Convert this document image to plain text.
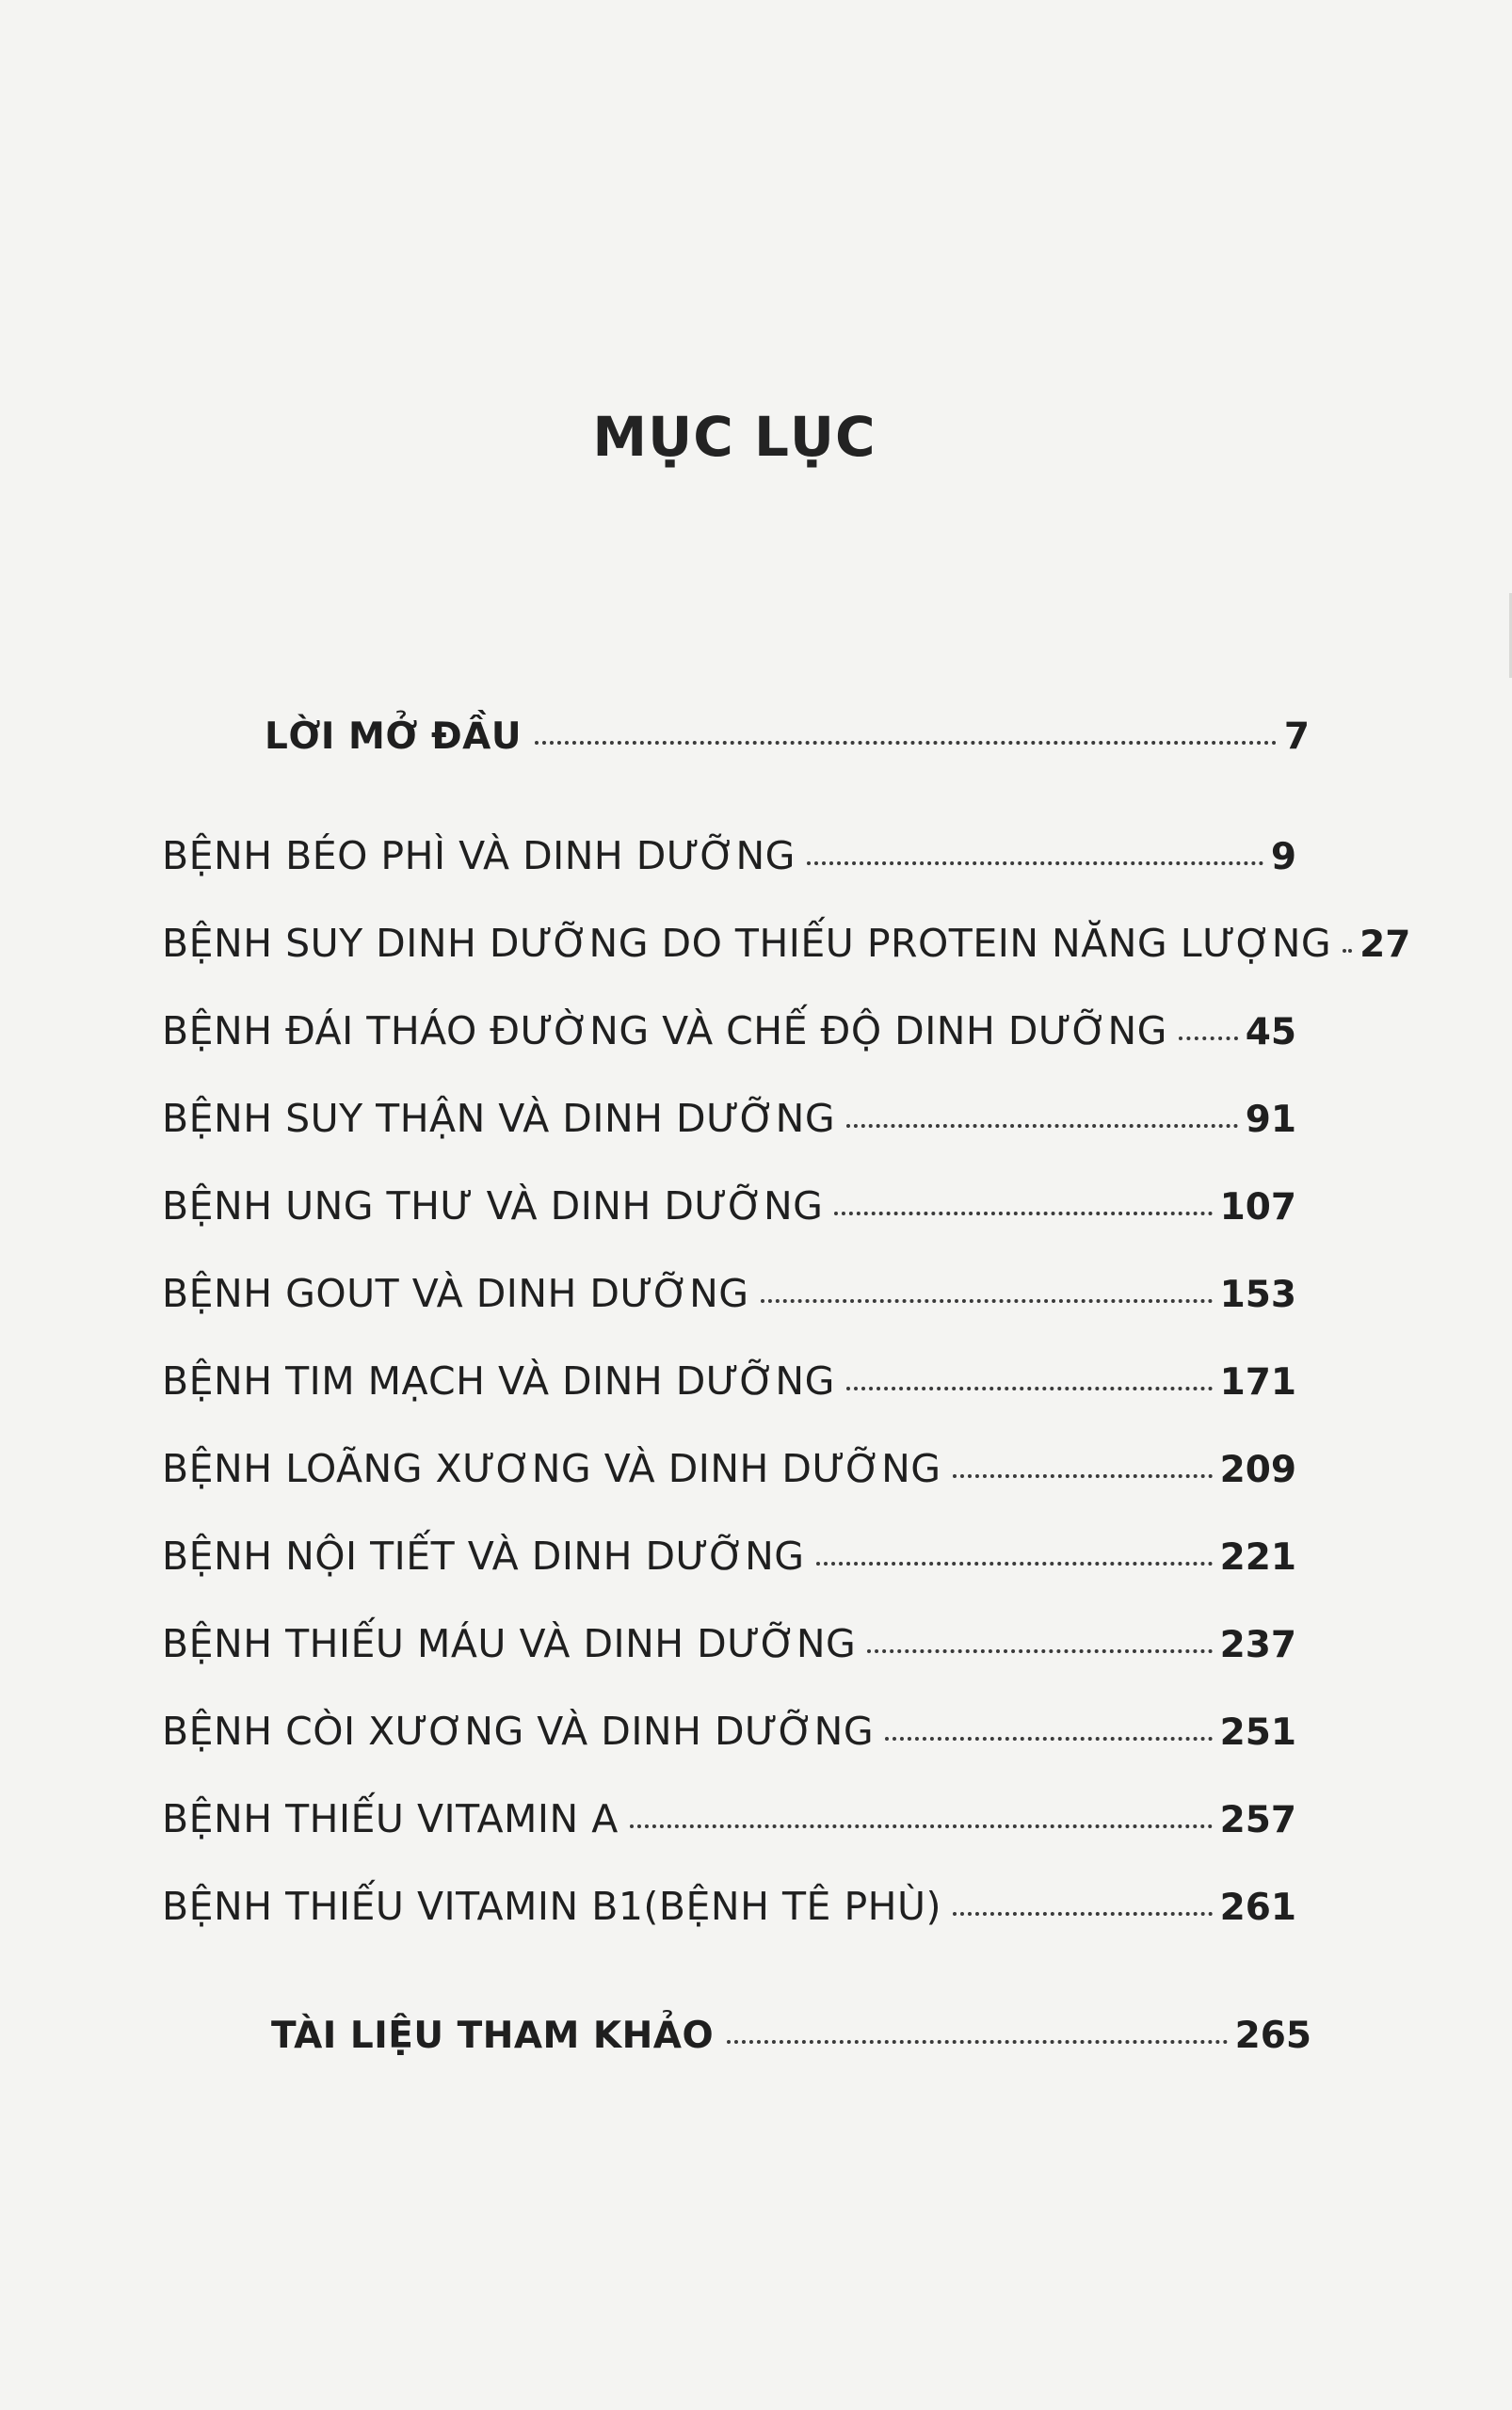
MỤC LỤC
LỜI MỞ ĐẦU	7
BỆNH BÉO PHÌ VÀ DINH DƯỠNG	9
BỆNH SUY DINH DƯỠNG DO THIẾU PROTEIN NĂNG LƯỢNG 27
BỆNH ĐÁI THÁO ĐƯỜNG VÀ CHẾ ĐỘ DINH DƯỠNG 45
BỆNH SUY THẬN VÀ DINH DƯỠNG	91
BỆNH UNG THƯ VÀ DINH DƯỠNG	107
BỆNH GOUT VÀ DINH DƯỠNG	153
BỆNH TIM MẠCH VÀ DINH DƯỠNG	171
BỆNH LOÃNG XƯƠNG VÀ DINH DƯỠNG	209
BỆNH NỘI TIẾT VÀ DINH DƯỠNG	221
BỆNH THIẾU MÁU VÀ DINH DƯỠNG	237
BỆNH CÒI XƯƠNG VÀ DINH DƯỠNG	251
BỆNH THIẾU VITAMIN A	257
BỆNH THIẾU VITAMIN B1(BỆNH TÊ PHÙ)	261
TÀI LIỆU THAM KHẢO	265
